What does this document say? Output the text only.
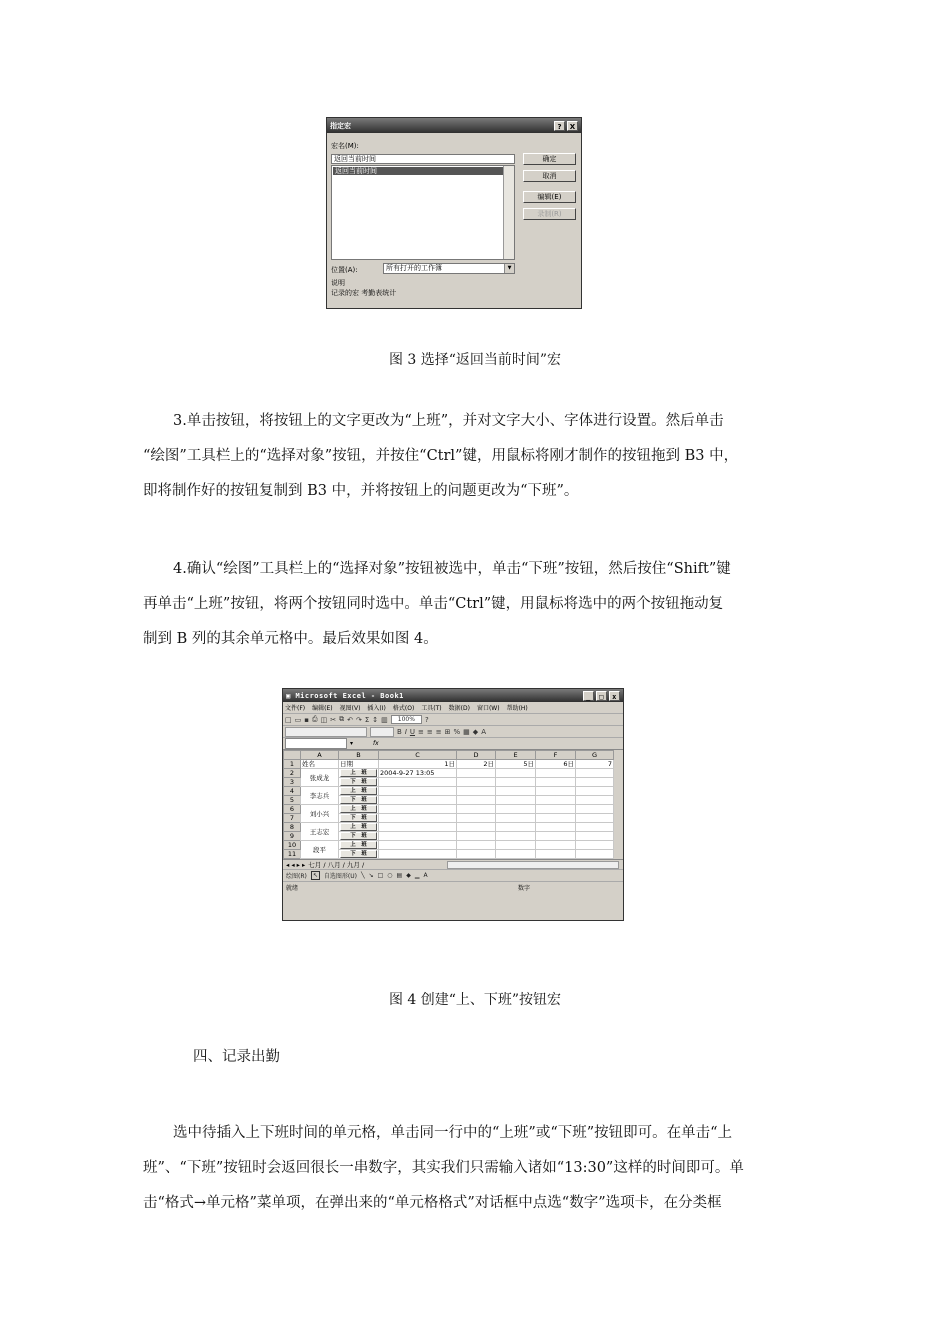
指定宏	?	X
宏名(M):
返回当前时间
返回当前时间
确定
取消
编辑(E)
录制(R)
位置(A):	所有打开的工作簿	▼
说明
记录的宏 考勤表统计
图 3 选择“返回当前时间”宏
3.单击按钮，将按钮上的文字更改为“上班”，并对文字大小、字体进行设置。然后单击
“绘图”工具栏上的“选择对象”按钮，并按住“Ctrl”键，用鼠标将刚才制作的按钮拖到 B3 中，
即将制作好的按钮复制到 B3 中，并将按钮上的问题更改为“下班”。
4.确认“绘图”工具栏上的“选择对象”按钮被选中，单击“下班”按钮，然后按住“Shift”键
再单击“上班”按钮，将两个按钮同时选中。单击“Ctrl”键，用鼠标将选中的两个按钮拖动复
制到 B 列的其余单元格中。最后效果如图 4。
▣ Microsoft Excel - Book1	_	□	x
文件(F) 编辑(E) 视图(V) 插入(I) 格式(O) 工具(T) 数据(D) 窗口(W) 帮助(H)
□ ▭ ▪ ⎙ ◫ ✂ ⧉ ↶ ↷ Σ ↕ ▥	100%	?
B I U ≡ ≡ ≡ ⊞ % ▦ ◆ A
▾	fx
	A	B	C	D	E	F	G
1	姓名	日期	1日	2日	5日	6日	7
2	张成龙	上　班	2004-9-27 13:05				
3		下　班					

4	李志兵	上　班					

5		下　班					

6	刘小兴	上　班					

7		下　班					

8	王志宏	上　班					

9		下　班					

10	段平	上　班					

11		下　班					

◂ ◂ ▸ ▸ 七月 / 八月 / 九月 /
绘图(R)	↖	自选图形(U) ╲ ↘ □ ○ ▤ ◆ ▁ A
就绪	数字
图 4 创建“上、下班”按钮宏
四、记录出勤
选中待插入上下班时间的单元格，单击同一行中的“上班”或“下班”按钮即可。在单击“上
班”、“下班”按钮时会返回很长一串数字，其实我们只需输入诸如“13:30”这样的时间即可。单
击“格式→单元格”菜单项，在弹出来的“单元格格式”对话框中点选“数字”选项卡，在分类框
